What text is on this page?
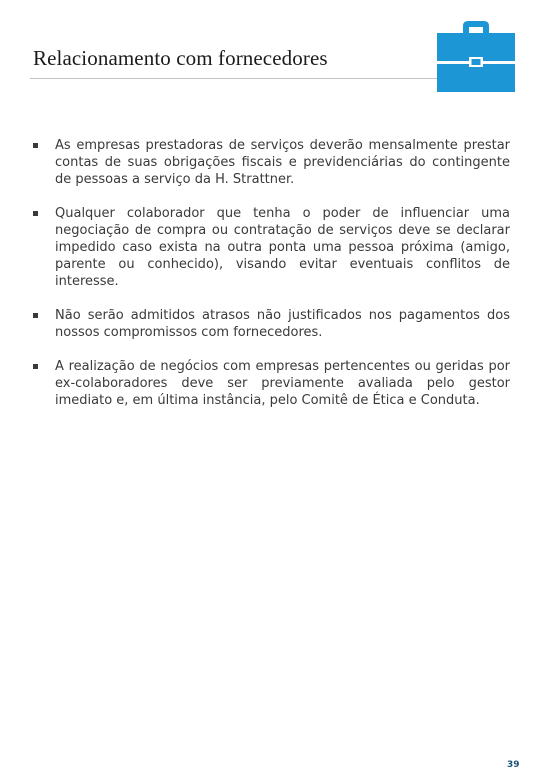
Relacionamento com fornecedores
As empresas prestadoras de serviços deverão mensalmente prestar contas de suas obrigações fiscais e previdenciárias do contingente de pessoas a serviço da H. Strattner.
Qualquer colaborador que tenha o poder de influenciar uma negociação de compra ou contratação de serviços deve se declarar impedido caso exista na outra ponta uma pessoa próxima (amigo, parente ou conhecido), visando evitar eventuais conflitos de interesse.
Não serão admitidos atrasos não justificados nos pagamentos dos nossos compromissos com fornecedores.
A realização de negócios com empresas pertencentes ou geridas por ex-colaboradores deve ser previamente avaliada pelo gestor imediato e, em última instância, pelo Comitê de Ética e Conduta.
39
